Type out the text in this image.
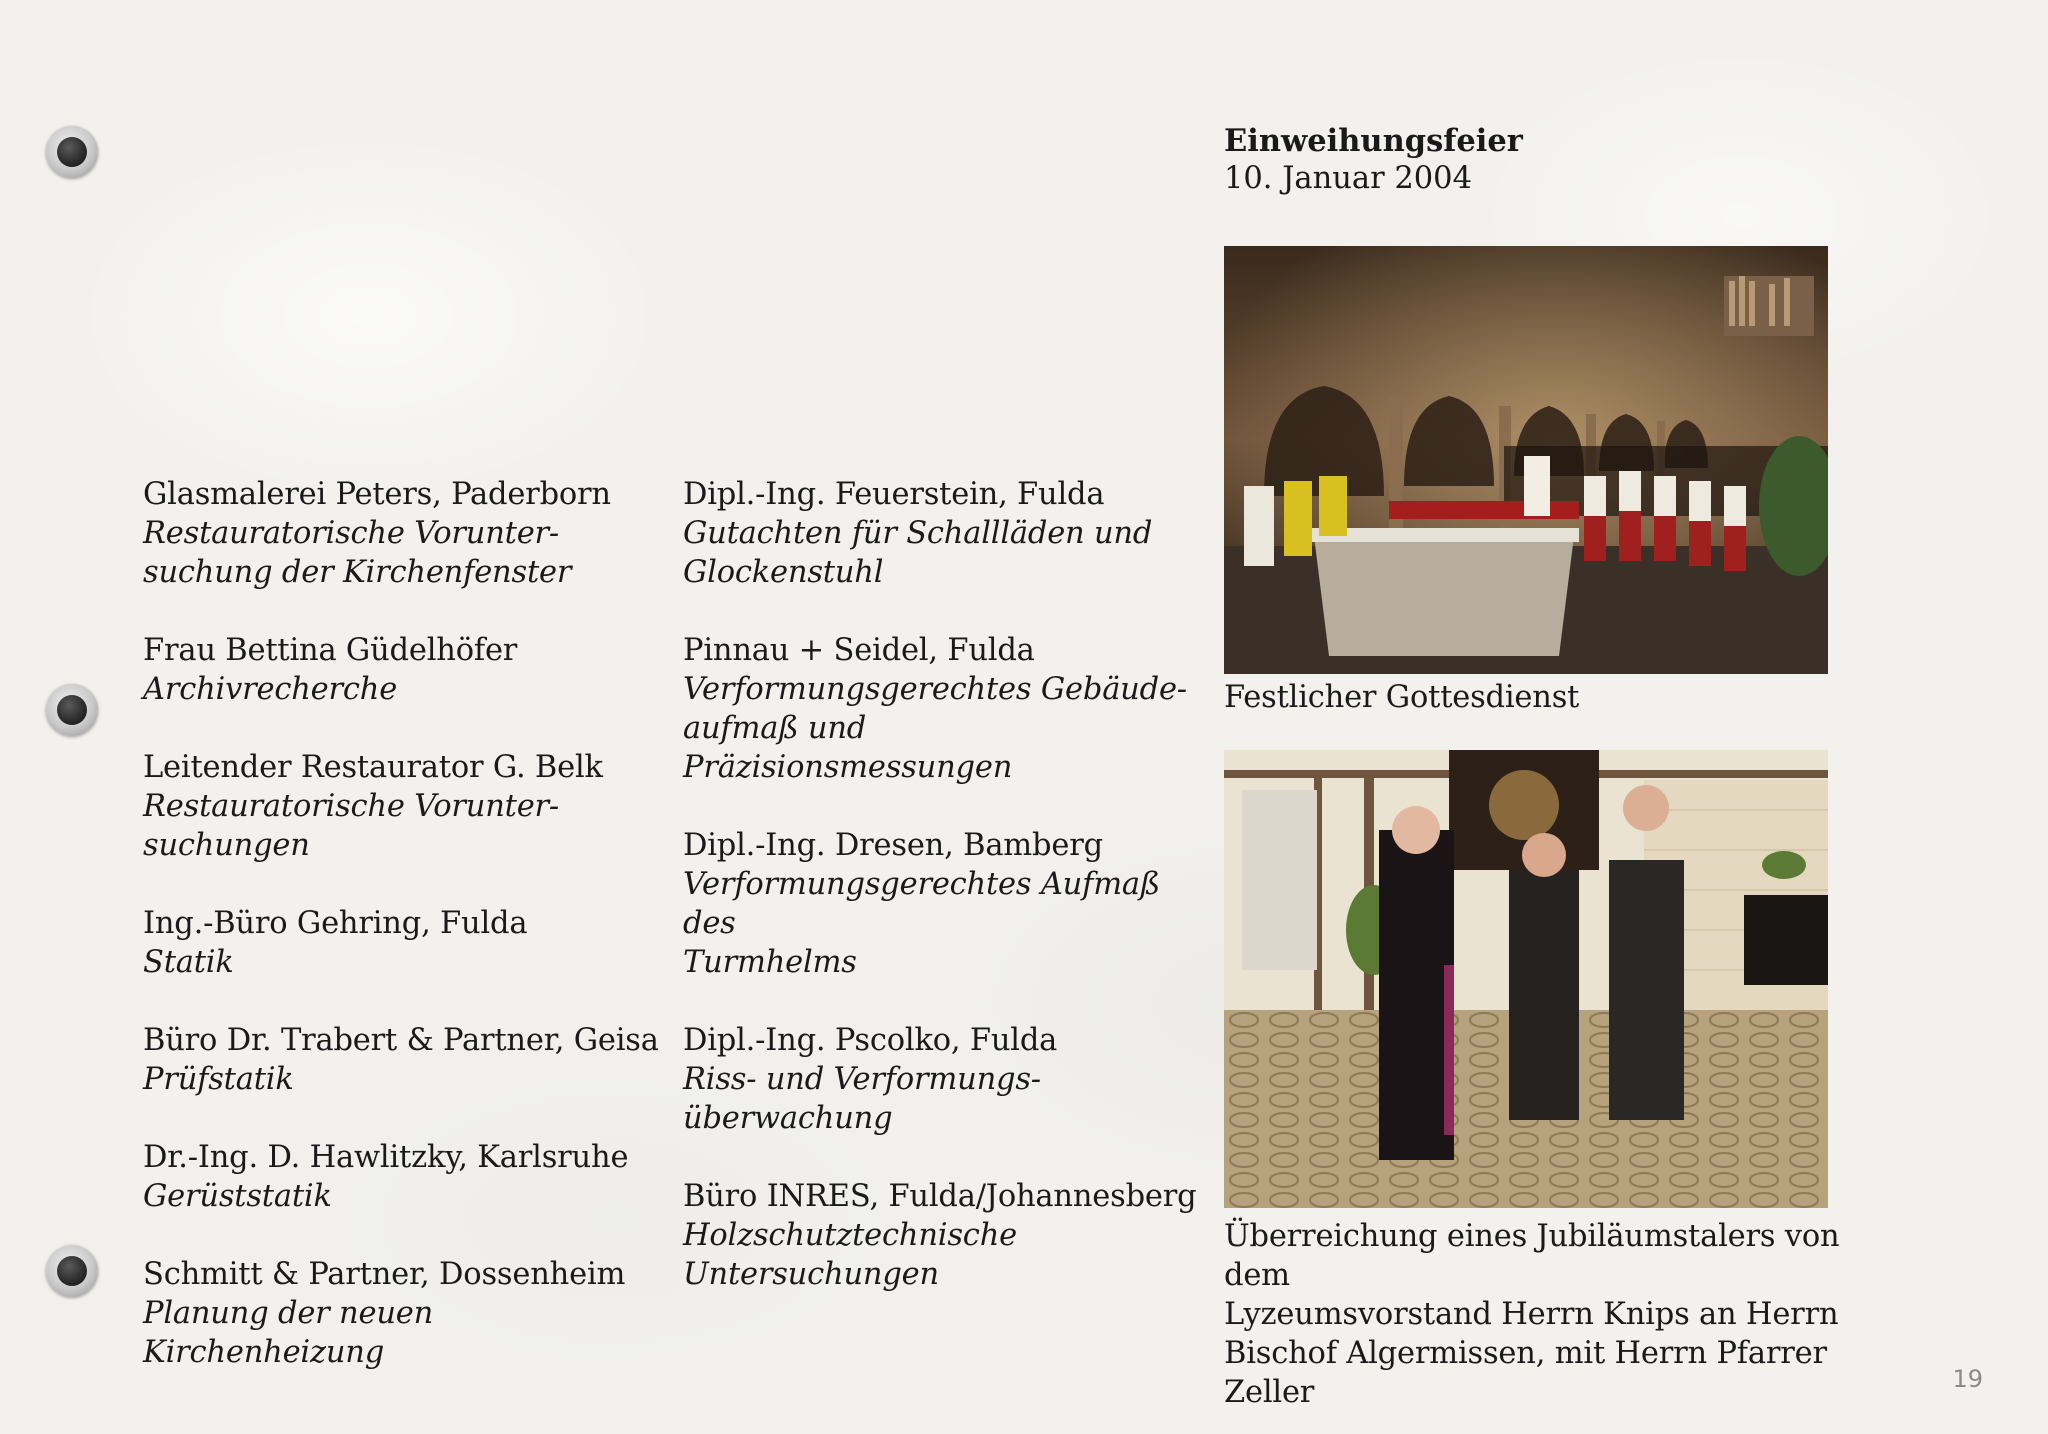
Glasmalerei Peters, Paderborn
Restauratorische Vorunter-
suchung der Kirchenfenster
Frau Bettina Güdelhöfer
Archivrecherche
Leitender Restaurator G. Belk
Restauratorische Vorunter-
suchungen
Ing.-Büro Gehring, Fulda
Statik
Büro Dr. Trabert & Partner, Geisa
Prüfstatik
Dr.-Ing. D. Hawlitzky, Karlsruhe
Gerüststatik
Schmitt & Partner, Dossenheim
Planung der neuen Kirchenheizung
Dipl.-Ing. Feuerstein, Fulda
Gutachten für Schallläden und
Glockenstuhl
Pinnau + Seidel, Fulda
Verformungsgerechtes Gebäude-
aufmaß und Präzisionsmessungen
Dipl.-Ing. Dresen, Bamberg
Verformungsgerechtes Aufmaß des
Turmhelms
Dipl.-Ing. Pscolko, Fulda
Riss- und Verformungs-
überwachung
Büro INRES, Fulda/Johannesberg
Holzschutztechnische
Untersuchungen
Einweihungsfeier
10. Januar 2004
Festlicher Gottesdienst
Überreichung eines Jubiläumstalers von dem
Lyzeumsvorstand Herrn Knips an Herrn
Bischof Algermissen, mit Herrn Pfarrer Zeller	19
